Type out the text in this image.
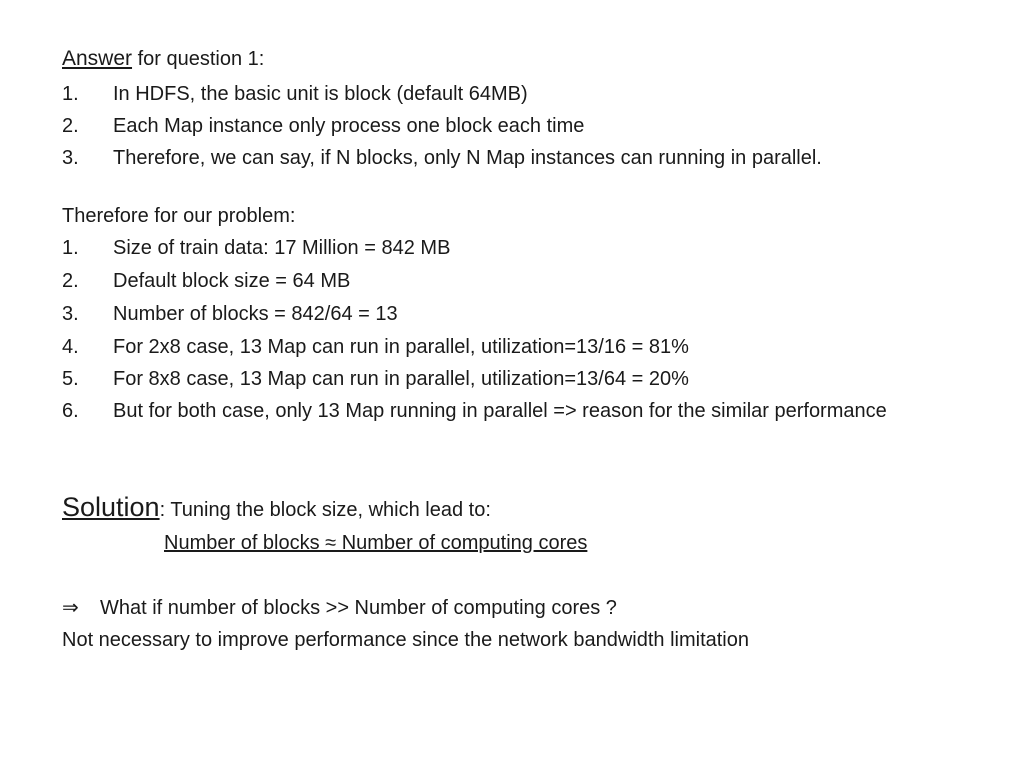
Answer for question 1:
1.	In HDFS, the basic unit is block (default 64MB)
2.	Each Map instance only process one block each time
3.	Therefore, we can say, if N blocks, only N Map instances can running in parallel.
Therefore for our problem:
1.	Size of train data: 17 Million = 842 MB
2.	Default block size = 64 MB
3.	Number of blocks = 842/64 = 13
4.	For 2x8 case, 13 Map can run in parallel, utilization=13/16 = 81%
5.	For 8x8 case, 13 Map can run in parallel, utilization=13/64 = 20%
6.	But for both case, only 13 Map running in parallel => reason for the similar performance
Solution: Tuning the block size, which lead to:
Number of blocks ≈ Number of computing cores
⇒ What if number of blocks >> Number of computing cores ?
Not necessary to improve performance since the network bandwidth limitation
